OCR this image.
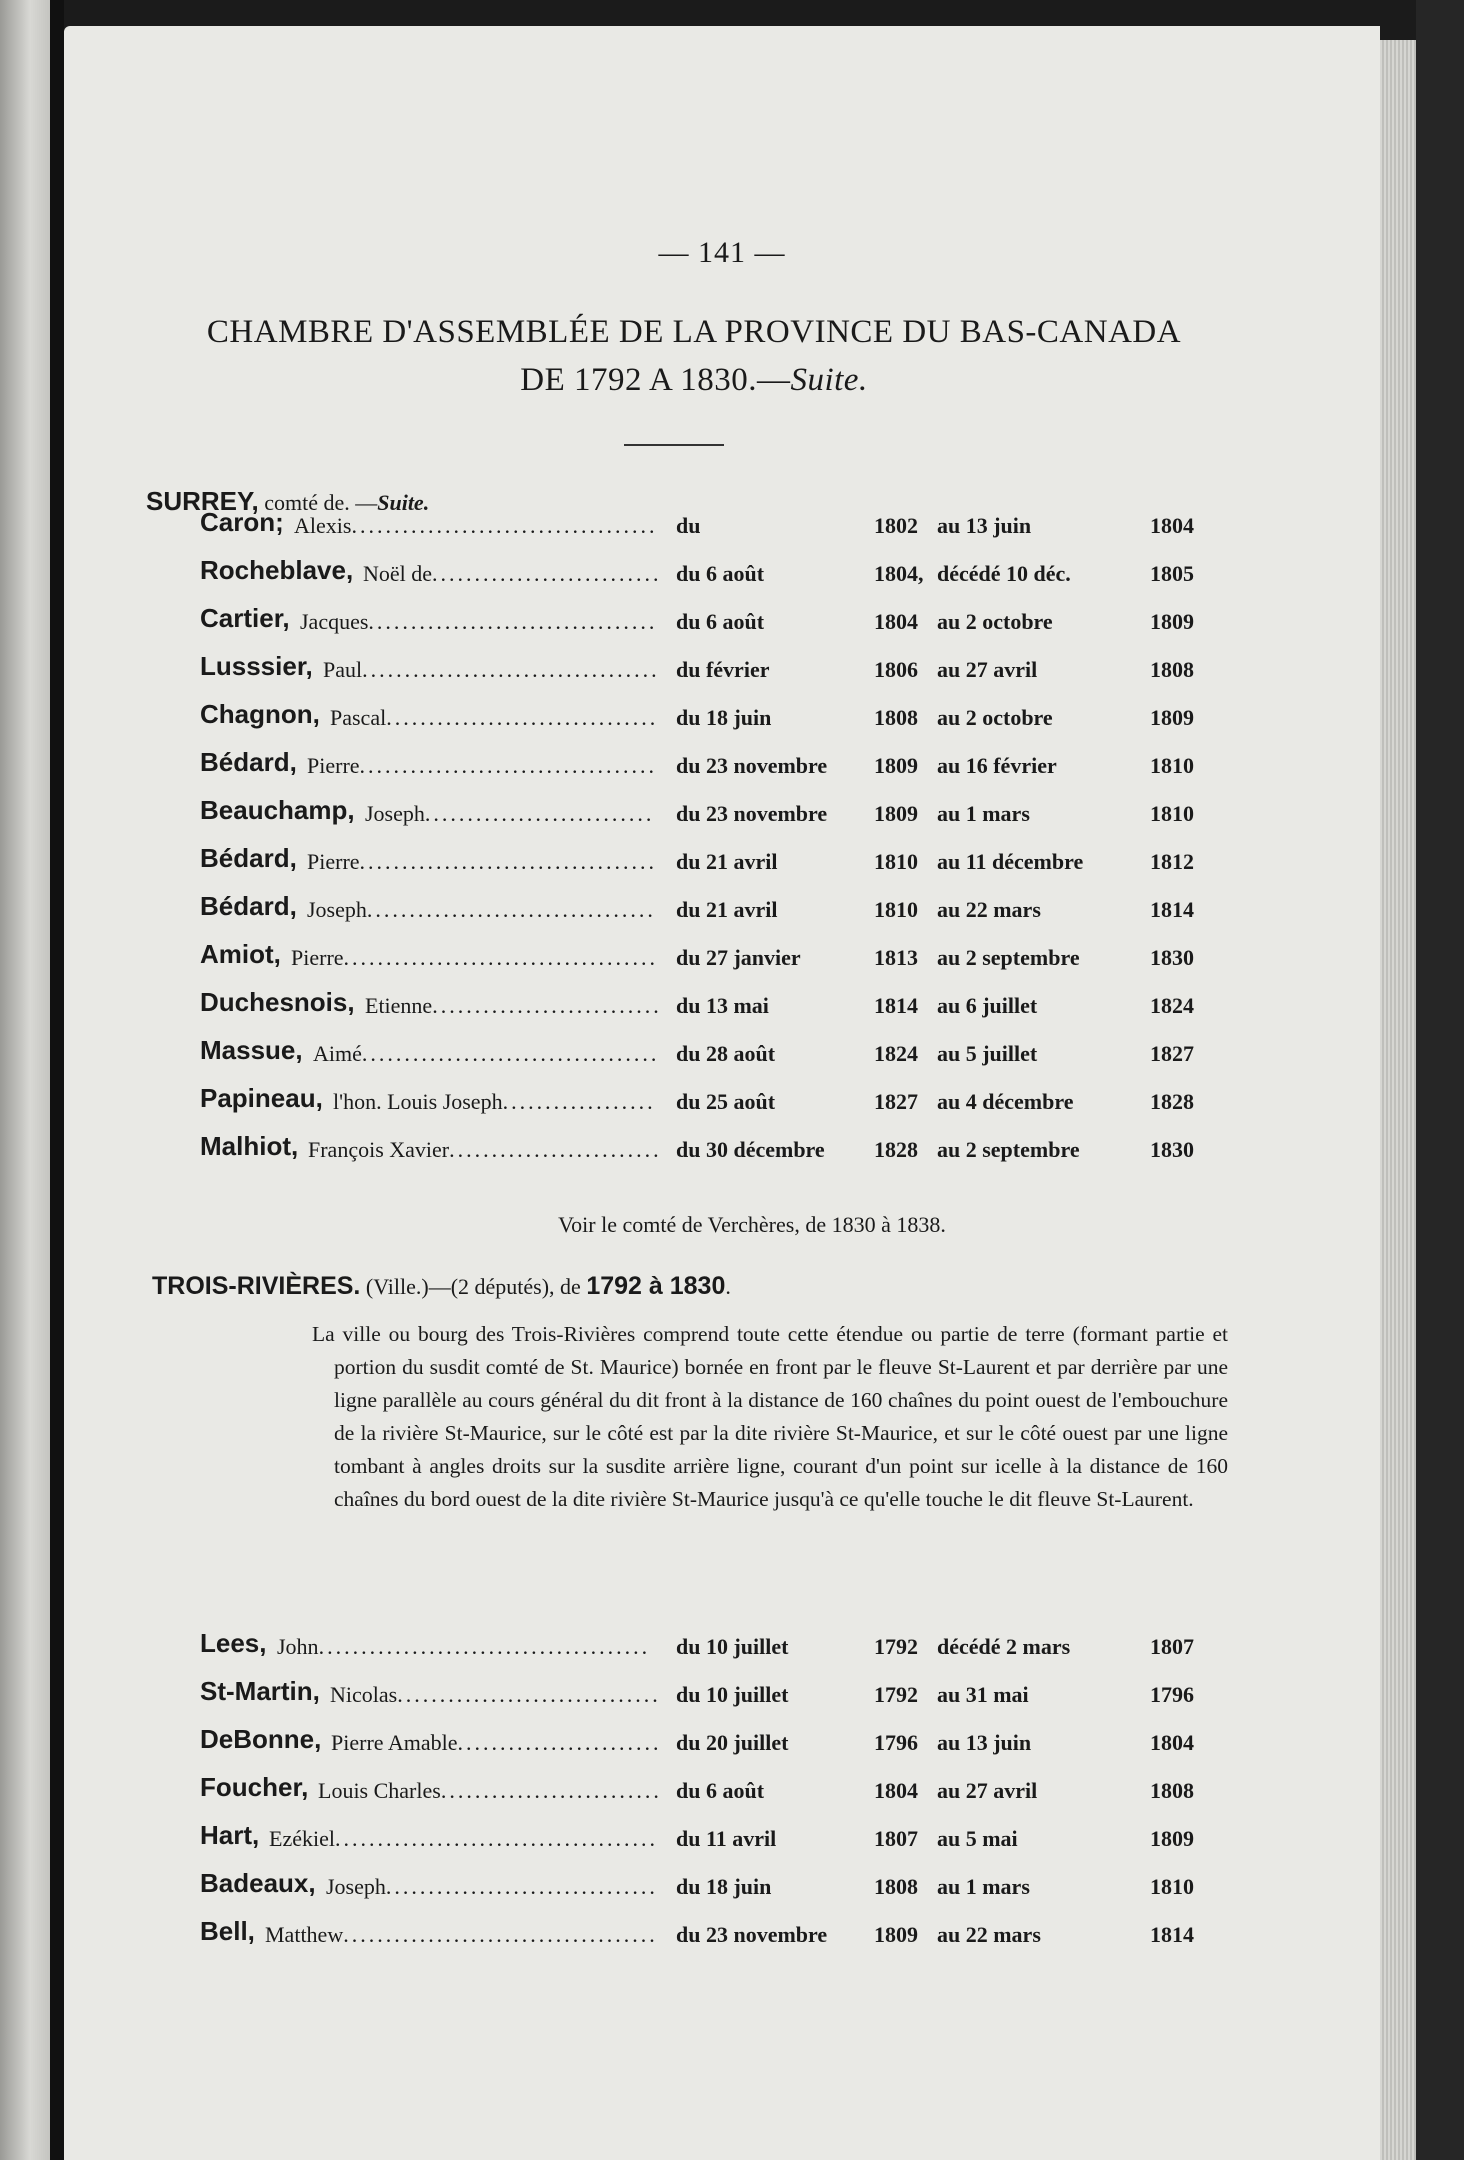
— 141 —
CHAMBRE D'ASSEMBLÉE DE LA PROVINCE DU BAS-CANADA
DE 1792 A 1830.—Suite.
SURREY, comté de. —Suite.
Caron; Alexis.................................... du	1802 au 13 juin	1804
Rocheblave, Noël de........................... du 6 août	1804, décédé 10 déc.	1805
Cartier, Jacques.................................. du 6 août	1804 au 2 octobre	1809
Lusssier, Paul................................... du février	1806 au 27 avril	1808
Chagnon, Pascal................................ du 18 juin	1808 au 2 octobre	1809
Bédard, Pierre................................... du 23 novembre 1809 au 16 février	1810
Beauchamp, Joseph........................... du 23 novembre 1809 au 1 mars	1810
Bédard, Pierre................................... du 21 avril	1810 au 11 décembre	1812
Bédard, Joseph.................................. du 21 avril	1810 au 22 mars	1814
Amiot, Pierre..................................... du 27 janvier	1813 au 2 septembre	1830
Duchesnois, Etienne........................... du 13 mai	1814 au 6 juillet	1824
Massue, Aimé................................... du 28 août	1824 au 5 juillet	1827
Papineau, l'hon. Louis Joseph.................. du 25 août	1827 au 4 décembre	1828
Malhiot, François Xavier......................... du 30 décembre 1828 au 2 septembre	1830
Voir le comté de Verchères, de 1830 à 1838.
TROIS-RIVIÈRES. (Ville.)—(2 députés), de 1792 à 1830.
La ville ou bourg des Trois-Rivières comprend toute cette étendue ou partie de terre (formant partie et portion du susdit comté de St. Maurice) bornée en front par le fleuve St-Laurent et par derrière par une ligne parallèle au cours général du dit front à la distance de 160 chaînes du point ouest de l'embouchure de la rivière St-Maurice, sur le côté est par la dite rivière St-Maurice, et sur le côté ouest par une ligne tombant à angles droits sur la susdite arrière ligne, courant d'un point sur icelle à la distance de 160 chaînes du bord ouest de la dite rivière St-Maurice jusqu'à ce qu'elle touche le dit fleuve St-Laurent.
Lees, John....................................... du 10 juillet	1792 décédé 2 mars	1807
St-Martin, Nicolas............................... du 10 juillet	1792 au 31 mai	1796
DeBonne, Pierre Amable........................ du 20 juillet	1796 au 13 juin	1804
Foucher, Louis Charles.......................... du 6 août	1804 au 27 avril	1808
Hart, Ezékiel...................................... du 11 avril	1807 au 5 mai	1809
Badeaux, Joseph................................ du 18 juin	1808 au 1 mars	1810
Bell, Matthew..................................... du 23 novembre 1809 au 22 mars	1814
